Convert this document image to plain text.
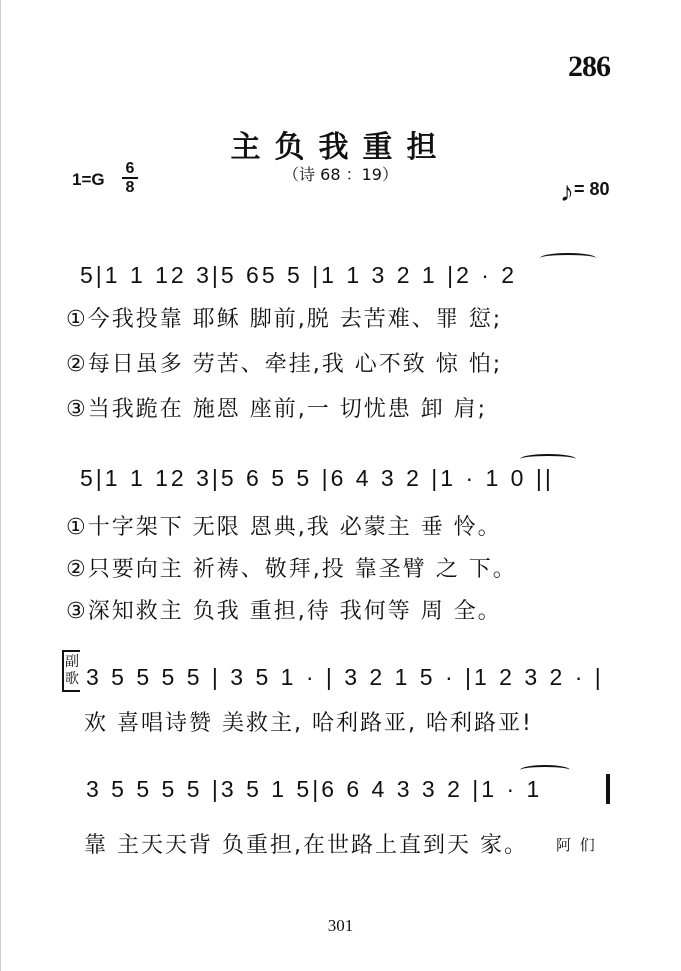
286
主负我重担
（诗 68 ：19）
1=G
6
8	♪= 80
5|1 1 12 3|5 65 5 |1 1 3 2 1 |2 · 2
①今我投靠 耶稣 脚前,脱 去苦难、罪 愆;
②每日虽多 劳苦、牵挂,我 心不致 惊 怕;
③当我跪在 施恩 座前,一 切忧患 卸 肩;
5|1 1 12 3|5 6 5 5 |6 4 3 2 |1 · 1 0 ||
①十字架下 无限 恩典,我 必蒙主 垂 怜。
②只要向主 祈祷、敬拜,投 靠圣臂 之 下。
③深知救主 负我 重担,待 我何等 周 全。
副歌 3 5 5 5 5 | 3 5 1 · | 3 2 1 5 · |1 2 3 2 · |
欢 喜唱诗赞 美救主, 哈利路亚, 哈利路亚!
3 5 5 5 5 |3 5 1 5|6 6 4 3 3 2 |1 · 1
靠 主天天背 负重担,在世路上直到天 家。 阿 们
301
